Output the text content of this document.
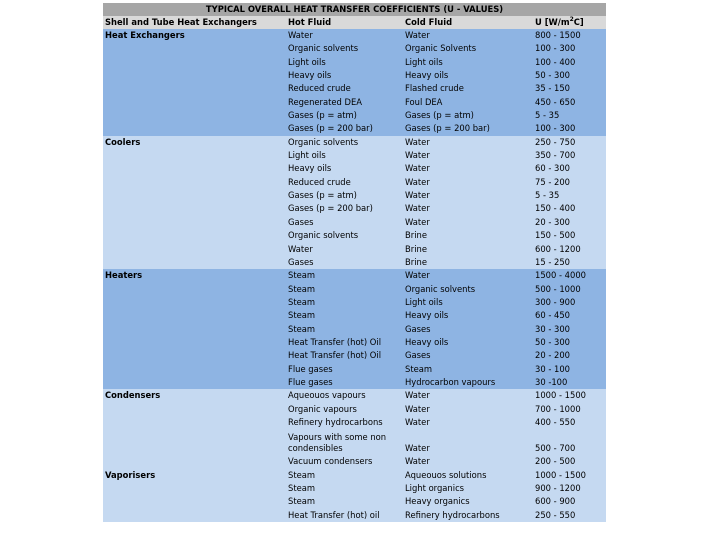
TYPICAL OVERALL HEAT TRANSFER COEFFICIENTS (U - VALUES)
Shell and Tube Heat Exchangers	Hot Fluid	Cold Fluid	U $[W/m^2C]$
Heat Exchangers	Water	Water	800 - 1500
	Organic solvents	Organic Solvents	100 - 300
	Light oils	Light oils	100 - 400
	Heavy oils	Heavy oils	50 - 300
	Reduced crude	Flashed crude	35 - 150
	Regenerated DEA	Foul DEA	450 - 650
	Gases (p = atm)	Gases (p = atm)	5 - 35
	Gases (p = 200 bar)	Gases (p = 200 bar)	100 - 300
Coolers	Organic solvents	Water	250 - 750
	Light oils	Water	350 - 700
	Heavy oils	Water	60 - 300
	Reduced crude	Water	75 - 200
	Gases (p = atm)	Water	5 - 35
	Gases (p = 200 bar)	Water	150 - 400
	Gases	Water	20 - 300
	Organic solvents	Brine	150 - 500
	Water	Brine	600 - 1200
	Gases	Brine	15 - 250
Heaters	Steam	Water	1500 - 4000
	Steam	Organic solvents	500 - 1000
	Steam	Light oils	300 - 900
	Steam	Heavy oils	60 - 450
	Steam	Gases	30 - 300
	Heat Transfer (hot) Oil	Heavy oils	50 - 300
	Heat Transfer (hot) Oil	Gases	20 - 200
	Flue gases	Steam	30 - 100
	Flue gases	Hydrocarbon vapours	30 -100
Condensers	Aqueouos vapours	Water	1000 - 1500
	Organic vapours	Water	700 - 1000
	Refinery hydrocarbons	Water	400 - 550

	Vapours with some non
condensibles	Water	500 - 700
	Vacuum condensers	Water	200 - 500
Vaporisers	Steam	Aqueouos solutions	1000 - 1500
	Steam	Light organics	900 - 1200
	Steam	Heavy organics	600 - 900
	Heat Transfer (hot) oil	Refinery hydrocarbons	250 - 550
